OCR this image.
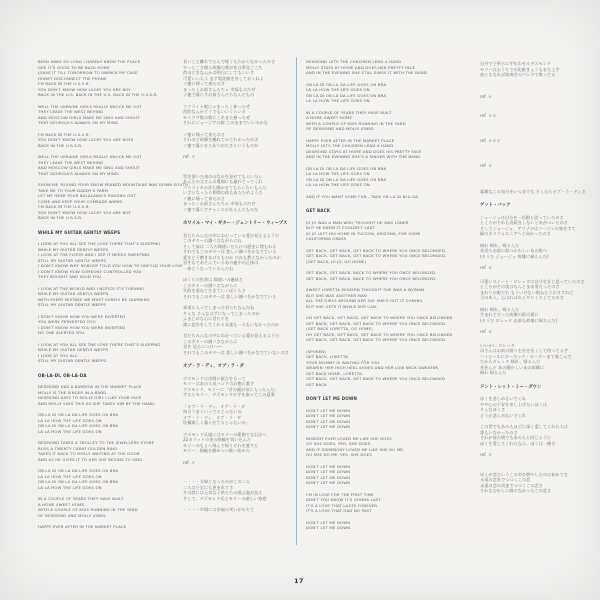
17
BEEN AWAY SO LONG I HARDLY KNEW THE PLACE
GEE IT'S GOOD TO BE BACK HOME
LEAVE IT TILL TOMORROW TO UNPACK MY CASE
HONEY DISCONNECT THE PHONE
I'M BACK IN THE U.S.S.R.
YOU DON'T KNOW HOW LUCKY YOU ARE BOY
BACK IN THE U.S. BACK IN THE U.S. BACK IN THE U.S.S.R.
WELL THE UKRAINE GIRLS REALLY KNOCK ME OUT
THEY LEAVE THE WEST BEHIND
AND MOSCOW GIRLS MAKE ME SING AND SHOUT
THAT GEORGIA'S ALWAYS ON MY MIND.
I'M BACK IN THE U.S.S.R.
YOU DON'T KNOW HOW LUCKY YOU ARE BOYS
BACK IN THE U.S.S.R.
WELL THE UKRAINE GIRLS REALLY KNOCK ME OUT
THEY LEAVE THE WEST BEHIND
AND MOSCOW GIRLS MAKE ME SING AND SHOUT
THAT GEORGIA'S ALWAYS ON MY MIND.
SHOW ME 'ROUND YOUR SNOW PEAKED MOUNTAINS WAY DOWN SOUTH
TAKE ME TO YOUR DADDY'S FARM
LET ME HEAR YOUR BALALAIKA'S RINGING OUT
COME AND KEEP YOUR COMRADE WARM.
I'M BACK IN THE U.S.S.R.
YOU DON'T KNOW HOW LUCKY YOU ARE BOY
BACK IN THE U.S.S.R.
WHILE MY GUITAR GENTLY WEEPS
I LOOK AT YOU ALL SEE THE LOVE THERE THAT'S SLEEPING
WHILE MY GUITAR GENTLY WEEPS
I LOOK AT THE FLOOR AND I SEE IT NEEDS SWEEPING
STILL MY GUITAR GENTLY WEEPS
I DON'T KNOW WHY NOBODY TOLD YOU HOW TO UNFOLD YOUR LOVE
I DON'T KNOW HOW SOMEONE CONTROLLED YOU
THEY BOUGHT AND SOLD YOU.
I LOOK AT THE WORLD AND I NOTICE IT'S TURNING
WHILE MY GUITAR GENTLY WEEPS
WITH EVERY MISTAKE WE MUST SURELY BE LEARNING
STILL MY GUITAR GENTLY WEEPS
I DON'T KNOW HOW YOU WERE DIVERTED
YOU WERE PERVERTED TOO
I DON'T KNOW HOW YOU WERE INVERTED
NO ONE ALERTED YOU.
I LOOK AT YOU ALL SEE THE LOVE THERE THAT'S SLEEPING
WHILE MY GUITAR GENTLY WEEPS
I LOOK AT YOU ALL. . . . .
STILL MY GUITAR GENTLY WEEPS.
OB-LA-DI, OB-LA-DA
DESMOND HAS A BARROW IN THE MARKET PLACE
MOLLY IS THE SINGER IN A BAND
DESMOND SAYS TO MOLLY GIRL I LIKE YOUR FACE
AND MOLLY SAYS THIS AS SHE TAKES HIM BY THE HAND.
OB LA DI OB LA DA LIFE GOES ON BRA
LA LA HOW THE LIFE GOES ON
OB LA DI OB LA DA LIFE GOES ON BRA
LA LA HOW THE LIFE GOES ON
DESMOND TAKES A TROLLEY TO THE JEWELLERS STORE
BUYS A TWENTY CARAT GOLDEN RING
TAKES IT BACK TO MOLLY WAITING AT THE DOOR
AND AS HE GIVES IT TO HER SHE BEGINS TO SING.
OB LA DI OB LA DA LIFE GOES ON BRA
LA LA HOW THE LIFE GOES ON
OB LA DI OB LA DA LIFE GOES ON BRA
LA LA HOW THE LIFE GOES ON
IN A COUPLE OF YEARS THEY HAVE BUILT
A HOME SWEET HOME.
WITH A COUPLE OF KIDS RUNNING IN THE YARD
OF DESMOND AND MOLLY JONES
HAPPY EVER AFTER IN THE MARKET PLACE
長いこと離れてたんで様子もわからなかったのさ
やっとこさ帰る故郷の我が家は夢見ごこち
荷ほどきなんかは明日にしてもいいさ
可愛いい人よ まず電話線を外しておくれよ
ソ連に帰って来たのさ
まったくお前さんたちゃ 幸福ものだぜ
ソ連で暮らすお前さんたちなんだもの
ウクライナ娘にゃまったく参ったぜ
西欧なんかどうでもいいくらいさ
モスクワ娘の歌にこれまた参ったぜ
それにジョージアの娘 このままでいいのかな
ソ連に帰って来たのさ
それほど故郷を離れてみてわかったのさ
ソ連で暮らせるありがたさというものが
ref. ＊
雪を頂いた南の山なみを見せてもらいたい
あんたの父さんの農場にも連れてってくれ
バラライカの音も聞かせてもらいたいもんだ
いざとなったら仲間の体もあたためようさ
ソ連に帰って来たのさ
まったくお前さんたちゃ 幸福ものだぜ
ソ連で暮らすチャンスがあるんだものな
ホワイル・マイ・ギター・ジェントリー・ウィープス
君たちみんなの中にねむっている愛が見えるようだ
このギターの調べさながらにね
そして床は 二人の間違いだらけの歴史に埋もれる
それでもこのギターは 悲しい調べをかなでている
愛をどう磨きあげるものか だれも教えなかったのか
君をもてあそんでいるあの連中の正体は
一体どうなっているんだね
ぼくらの世界は 間違いの連続さ
このギターの調べさながらに
失敗を重ねて生きていくぼくらさ
それでもこのギターは 悲しい調べをかなでている
邪道に入ってしまった君たちなんだね
そんな そんなはずになってしまったのか
ふまじめな心に君たちを
誰に忠告をしてくれる友達も一人もいなかったのか
君たちみんなの中にねむっている愛が見えるようだ
このギターの調べさながらに
君を 見るにつけ――
それでもこのギターは 悲しい調べをかなでていないのさ
オブ・ラ・ディ、オブ・ラ・ダ
デズモンドは市場に屋台をもって
モリーはあの人気バンドのお抱え歌手
デズモンド、モリーに「君の顔が気に入ったんだ」
するとモリー、デズモンドの手を取ってこの返事
「オブ・ラ・ディ、オブ・ラ・ダ
毎日うまくいってるじゃないの
オブ・ラ・ディ、オブ・ラ・ダ
結構楽しく暮らせてるじゃないの」
デズモンド氏遂にはモリーの薬指で宝石店へ
22カラットの金の指輪を買い込んだ
モリーのもとへ飛んで帰りそれを渡すと
モリー、指輪を眺めつつ歌い始めた
ref. ＊
・・・・夫婦となったのがこの二人
二人は子宝にも恵まれてさ
その庭には元気な子供たちの遊ぶ姿が見え
そして、デズモンド氏とモリーの楽しい家庭
・・・・市場には幸福の笑いがみちて
DESMOND LETS THE CHILDREN LEND A HAND
MOLLY STAYS AT HOME AND DOES HER PRETTY FACE
AND IN THE EVENING SHE STILL SINGS IT WITH THE BAND
OB LA DI OB LA DA LIFE GOES ON BRA
LA LA HOW THE LIFE GOES ON
OB LA DI OB LA DA LIFE GOES ON BRA
LA LA HOW THE LIFE GOES ON
IN A COUPLE OF YEARS THEY HAVE BUILT
A HOME SWEET HOME
WITH A COUPLE OF KIDS RUNNING IN THE YARD
OF DESMOND AND MOLLY JONES.
HAPPY EVER AFTER IN THE MARKET PLACE
MOLLY LETS THE CHILDREN LEND A HAND
DESMOND STAYS AT HOME AND DOES HIS PRETTY FACE
AND IN THE EVENING SHE'S A SINGER WITH THE BAND
OB LA DI OB LA DA LIFE GOES ON BRA
LA LA HOW THE LIFE GOES ON
OB LA DI OB LA DA LIFE GOES ON BRA
LA LA HOW THE LIFE GOES ON.
AND IF YOU WANT SOME FUN - TAKE OB LA DI BLA DA.
GET BACK
JO JO WAS A MAN WHO THOUGHT HE WAS LONER
BUT HE KNEW IT COULDN'T LAST
JO JO LEFT HIS HOME IN TUCSON, ARIZONA, FOR SOME
CALIFORNIA GRASS
GET BACK, GET BACK, GET BACK TO WHERE YOU ONCE BELONGED.
GET BACK, GET BACK, GET BACK TO WHERE YOU ONCE BELONGED.
(GET BACK, JO JO, GO HOME)
GET BACK, GET BACK, BACK TO WHERE YOU ONCE BELONGED.
GET BACK, GET BACK, BACK TO WHERE YOU ONCE BELONGED.
SWEET LORETTA MODERN THOUGHT SHE WAS A WOMAN
BUT SHE WAS ANOTHER MAN
ALL THE GIRLS AROUND HER SAY SHE'S GOT IT COMING
BUT SHE GETS IT WHILE SHE CAN.
OH GET BACK, GET BACK, GET BACK TO WHERE YOU ONCE BELONGED
GET BACK, GET BACK, GET BACK TO WHERE YOU ONCE BELONGED.
(GET BACK LORETTA, GO HOME)
OH GET BACK, GET BACK, GET BACK TO WHERE YOU ONCE BELONGED
GET BACK, GET BACK, GET BACK TO WHERE YOU ONCE BELONGED.
(SPOKEN)
GET BACK, LORETTA
YOUR MOMMY IS WAITING FOR YOU
WEARIN' HER HIGH HEEL SHOES AND HER LOW NECK SWEATER,
GET BACK HOME, LORETTA.
GET BACK, GET BACK, GET BACK TO WHERE YOU ONCE BELONGED
GET BACK
DON'T LET ME DOWN
DON'T LET ME DOWN
DON'T LET ME DOWN
DON'T LET ME DOWN
DON'T LET ME DOWN
NOBODY EVER LOVED ME LIKE SHE DOES
OO SHE DOES, YEH, SHE DOES.
AND IF SOMEBODY LOVED ME LIKE SHE DO ME,
OO SHE DO ME, YES, SHE DOES
DON'T LET ME DOWN
DON'T LET ME DOWN
DON'T LET ME DOWN
DON'T LET ME DOWN
I'M IN LOVE FOR THE FIRST TIME
DON'T YOU KNOW IT'S GONNA LAST
IT'S A LOVE THAT LASTS FOREVER
IT'S A LOVE THAT HAD NO PAST
DON'T LET ME DOWN
DON'T LET ME DOWN
自分で子供らに手伝わせるデズモンド
モリーはおうちでお化粧きょうもまた上手
夜ともなれば演奏会のバンドで歌ってる
ref. ＊
ref. ＊＊
ref. ＊＊＊
ref. ＊
素敵なこの気分をいつまでも そしたらオブ・ラ・ディさ
ゲット・バック
ジョージョは自分を一匹狼と思っていたのさ
ところがそれも長続きしないと気がついたのさ
そしてジョージョ、アリゾナはツーソンの家をすて
緑のカリフォルニアへと向かったのさ
帰れ 帰れ、帰るんだ
昔居たお前に似つかわしいあの街へ
(そうだ ジョージョ 故郷に帰るんだ)
ref. ＊
可愛いスイート・ロレッタは自分を女と思っていたのさ
ところがその実はなんとまあ男だったのさ
まわりの娘たち もういけない娘ねとうわさすれど
当の本人、心はればれとやりくりしてるのさ
帰れ 帰れ、帰るんだ
生まれそだった故郷の街の裏に
(そうだ ロレッタ お前も故郷に帰るんだ)
ref. ＊
いいかい ロレッタ
母さんはお前の帰りを首を長くして待ってるぞ
ハイヒールにローネック・セーターまで着こんで
だからロレッタ 帰れ、帰るんだ
昔住んだ あの懐かしいあの故郷に
帰れ 帰るんだ
ドント・レット・ミー・ダウン
ぼくを悲しめないでくれ
やや心の不安を申し上げたいぼくは
そんなぼくさ
どうか悲しめないでくれ
この世でもあの人ほどに深く愛してくれた人は
誰もいなかったのさ
それが彼の娘でもあの人と同じように
ぼくを愛してくれたなら、ぼくは一緒さ
ref. ＊
ぼくが恋というこの炎を燃やしたのは初めてさ
永遠の恋までつづくこの恋
永遠の恋の炎までつづくこの恋さ
それもむかしに縁のなかったこの恋さ
